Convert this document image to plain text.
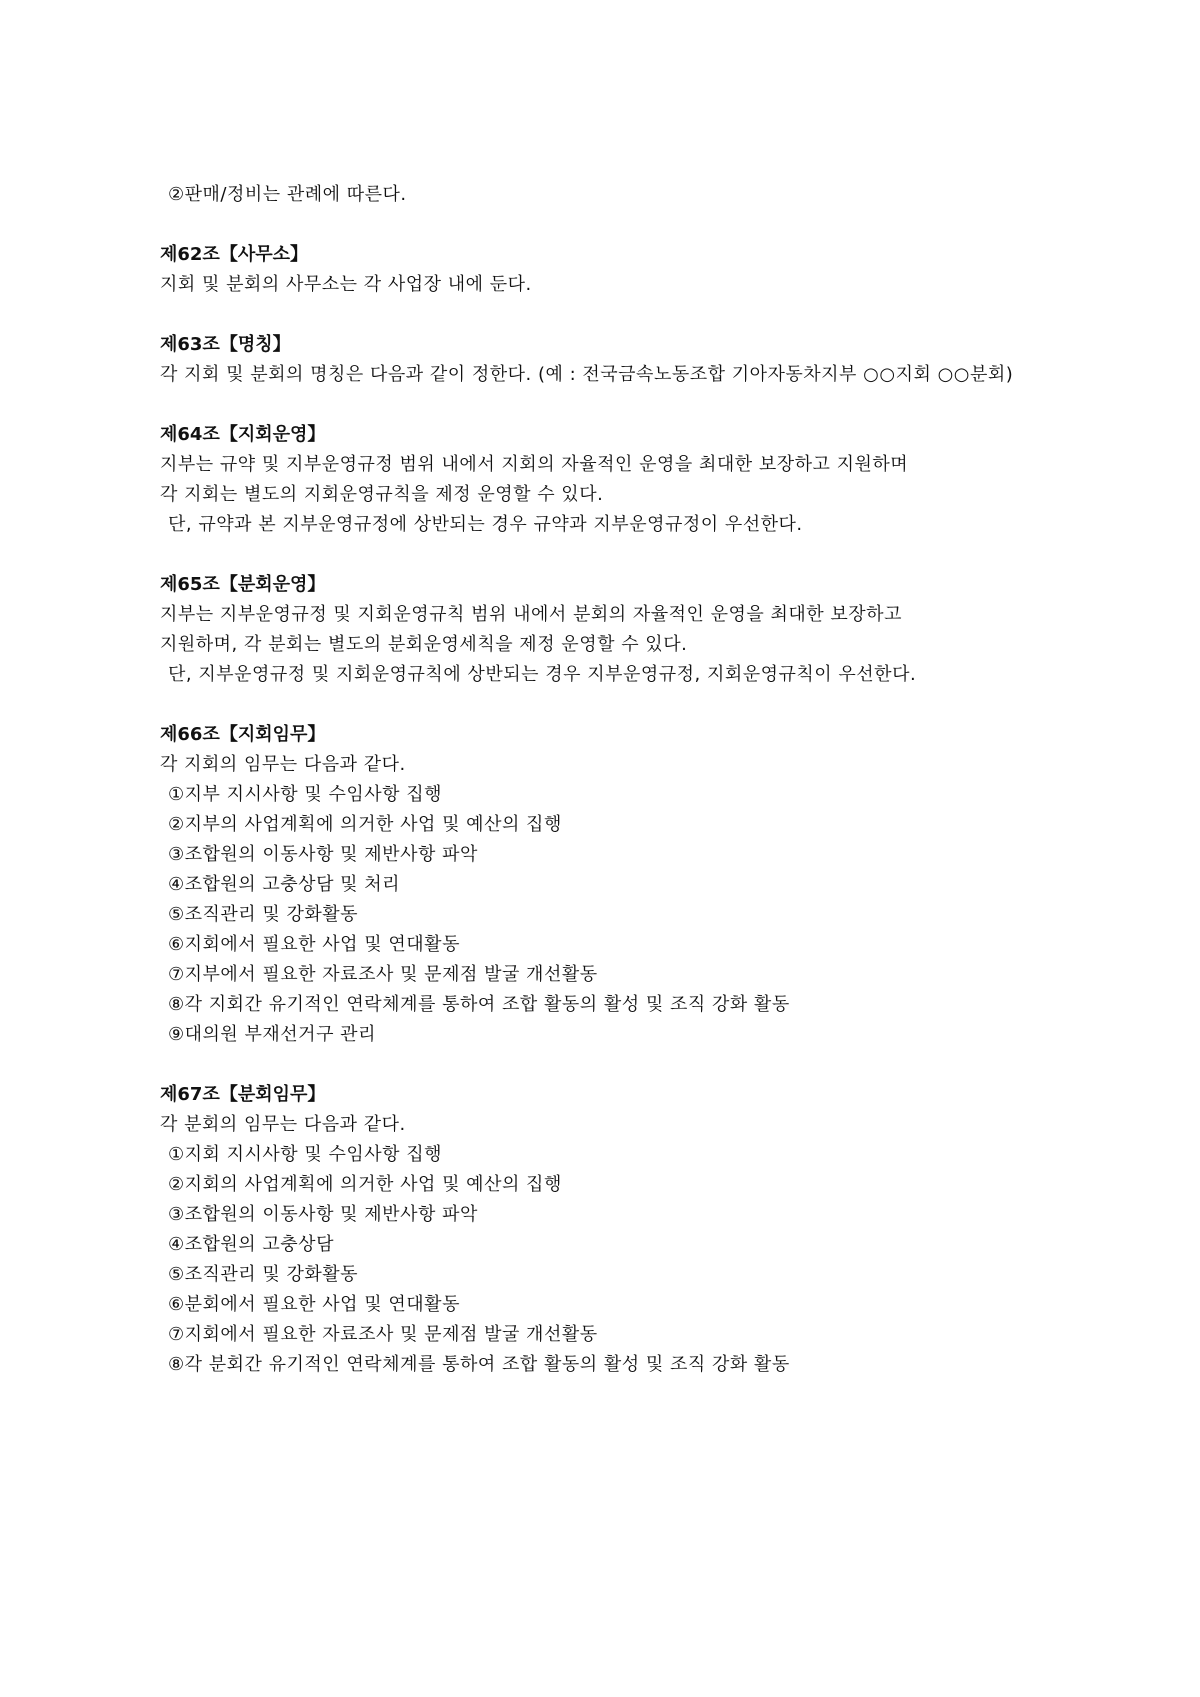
②판매/정비는 관례에 따른다.
제62조【사무소】
지회 및 분회의 사무소는 각 사업장 내에 둔다.
제63조【명칭】
각 지회 및 분회의 명칭은 다음과 같이 정한다. (예 : 전국금속노동조합 기아자동차지부 ○○지회 ○○분회)
제64조【지회운영】
지부는 규약 및 지부운영규정 범위 내에서 지회의 자율적인 운영을 최대한 보장하고 지원하며
각 지회는 별도의 지회운영규칙을 제정 운영할 수 있다.
단, 규약과 본 지부운영규정에 상반되는 경우 규약과 지부운영규정이 우선한다.
제65조【분회운영】
지부는 지부운영규정 및 지회운영규칙 범위 내에서 분회의 자율적인 운영을 최대한 보장하고
지원하며, 각 분회는 별도의 분회운영세칙을 제정 운영할 수 있다.
단, 지부운영규정 및 지회운영규칙에 상반되는 경우 지부운영규정, 지회운영규칙이 우선한다.
제66조【지회임무】
각 지회의 임무는 다음과 같다.
①지부 지시사항 및 수임사항 집행
②지부의 사업계획에 의거한 사업 및 예산의 집행
③조합원의 이동사항 및 제반사항 파악
④조합원의 고충상담 및 처리
⑤조직관리 및 강화활동
⑥지회에서 필요한 사업 및 연대활동
⑦지부에서 필요한 자료조사 및 문제점 발굴 개선활동
⑧각 지회간 유기적인 연락체계를 통하여 조합 활동의 활성 및 조직 강화 활동
⑨대의원 부재선거구 관리
제67조【분회임무】
각 분회의 임무는 다음과 같다.
①지회 지시사항 및 수임사항 집행
②지회의 사업계획에 의거한 사업 및 예산의 집행
③조합원의 이동사항 및 제반사항 파악
④조합원의 고충상담
⑤조직관리 및 강화활동
⑥분회에서 필요한 사업 및 연대활동
⑦지회에서 필요한 자료조사 및 문제점 발굴 개선활동
⑧각 분회간 유기적인 연락체계를 통하여 조합 활동의 활성 및 조직 강화 활동
